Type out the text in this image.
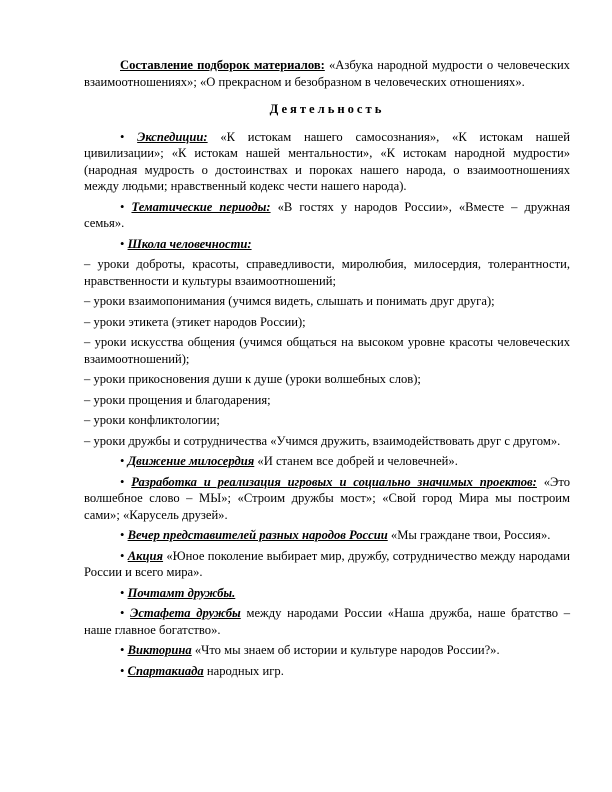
Составление подборок материалов: «Азбука народной мудрости о человеческих взаимоотношениях»; «О прекрасном и безобразном в человеческих отношениях».

Деятельность

• Экспедиции: «К истокам нашего самосознания», «К истокам нашей цивилизации»; «К истокам нашей ментальности», «К истокам народной мудрости» (народная мудрость о достоинствах и пороках нашего народа, о взаимоотношениях между людьми; нравственный кодекс чести нашего народа).

• Тематические периоды: «В гостях у народов России», «Вместе – дружная семья».

• Школа человечности:

– уроки доброты, красоты, справедливости, миролюбия, милосердия, толерантности, нравственности и культуры взаимоотношений;

– уроки взаимопонимания (учимся видеть, слышать и понимать друг друга);

– уроки этикета (этикет народов России);

– уроки искусства общения (учимся общаться на высоком уровне красоты человеческих взаимоотношений);

– уроки прикосновения души к душе (уроки волшебных слов);

– уроки прощения и благодарения;

– уроки конфликтологии;

– уроки дружбы и сотрудничества «Учимся дружить, взаимодействовать друг с другом».

• Движение милосердия «И станем все добрей и человечней».

• Разработка и реализация игровых и социально значимых проектов: «Это волшебное слово – МЫ»; «Строим дружбы мост»; «Свой город Мира мы построим сами»; «Карусель друзей».

• Вечер представителей разных народов России «Мы граждане твои, Россия».

• Акция «Юное поколение выбирает мир, дружбу, сотрудничество между народами России и всего мира».

• Почтамт дружбы.

• Эстафета дружбы между народами России «Наша дружба, наше братство – наше главное богатство».

• Викторина «Что мы знаем об истории и культуре народов России?».

• Спартакиада народных игр.
